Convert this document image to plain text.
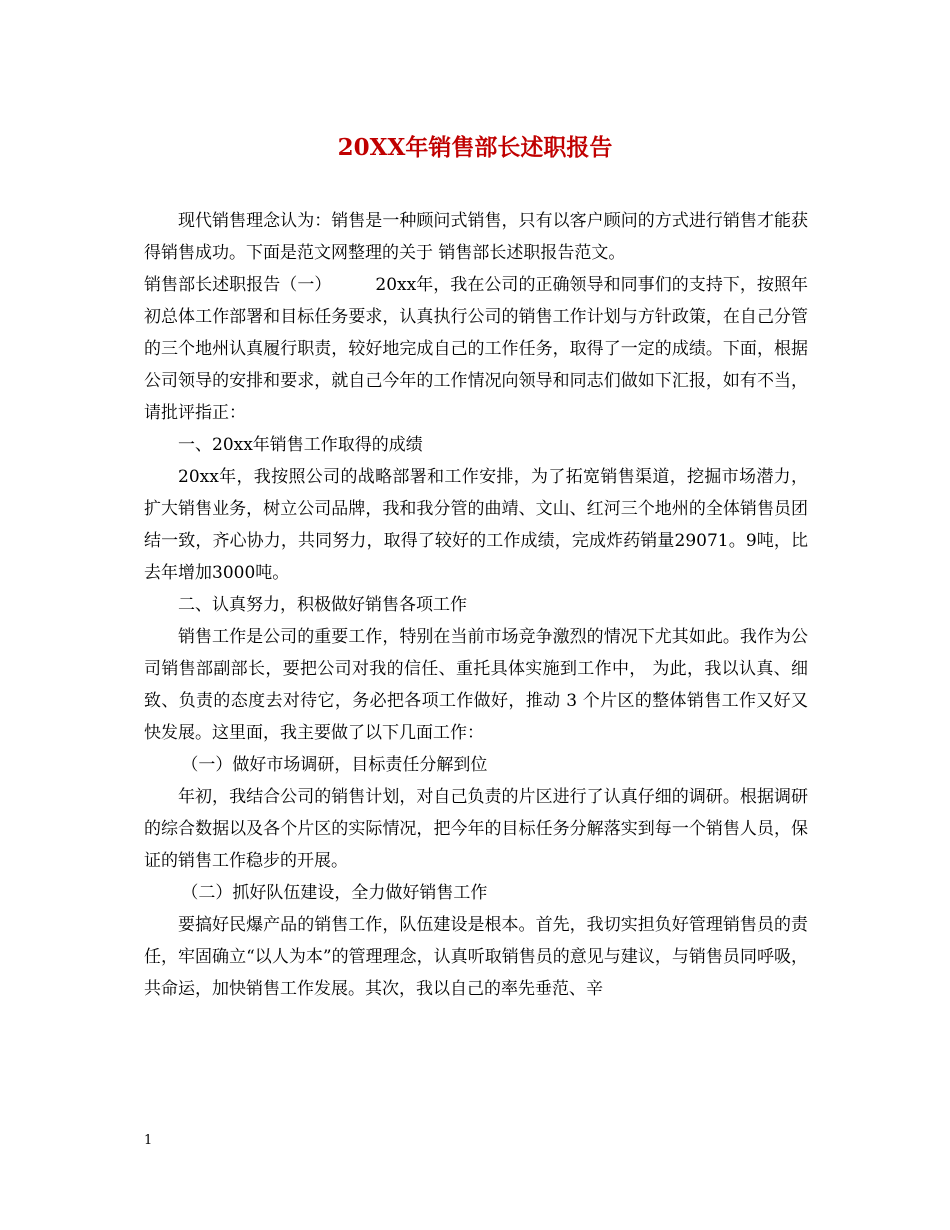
20XX年销售部长述职报告

现代销售理念认为：销售是一种顾问式销售，只有以客户顾问的方式进行销售才能获得销售成功。下面是范文网整理的关于 销售部长述职报告范文。

销售部长述职报告（一）	20xx年，我在公司的正确领导和同事们的支持下，按照年初总体工作部署和目标任务要求，认真执行公司的销售工作计划与方针政策，在自己分管的三个地州认真履行职责，较好地完成自己的工作任务，取得了一定的成绩。下面，根据公司领导的安排和要求，就自己今年的工作情况向领导和同志们做如下汇报，如有不当，请批评指正：

一、20xx年销售工作取得的成绩

20xx年，我按照公司的战略部署和工作安排，为了拓宽销售渠道，挖掘市场潜力，扩大销售业务，树立公司品牌，我和我分管的曲靖、文山、红河三个地州的全体销售员团结一致，齐心协力，共同努力，取得了较好的工作成绩，完成炸药销量29071。9吨，比去年增加3000吨。

二、认真努力，积极做好销售各项工作

销售工作是公司的重要工作，特别在当前市场竞争激烈的情况下尤其如此。我作为公司销售部副部长，要把公司对我的信任、重托具体实施到工作中， 为此，我以认真、细致、负责的态度去对待它，务必把各项工作做好，推动 3 个片区的整体销售工作又好又快发展。这里面，我主要做了以下几面工作：

（一）做好市场调研，目标责任分解到位

年初，我结合公司的销售计划，对自己负责的片区进行了认真仔细的调研。根据调研的综合数据以及各个片区的实际情况，把今年的目标任务分解落实到每一个销售人员，保证的销售工作稳步的开展。

（二）抓好队伍建设，全力做好销售工作

要搞好民爆产品的销售工作，队伍建设是根本。首先，我切实担负好管理销售员的责任，牢固确立“以人为本”的管理理念，认真听取销售员的意见与建议，与销售员同呼吸，共命运，加快销售工作发展。其次，我以自己的率先垂范、辛

1
